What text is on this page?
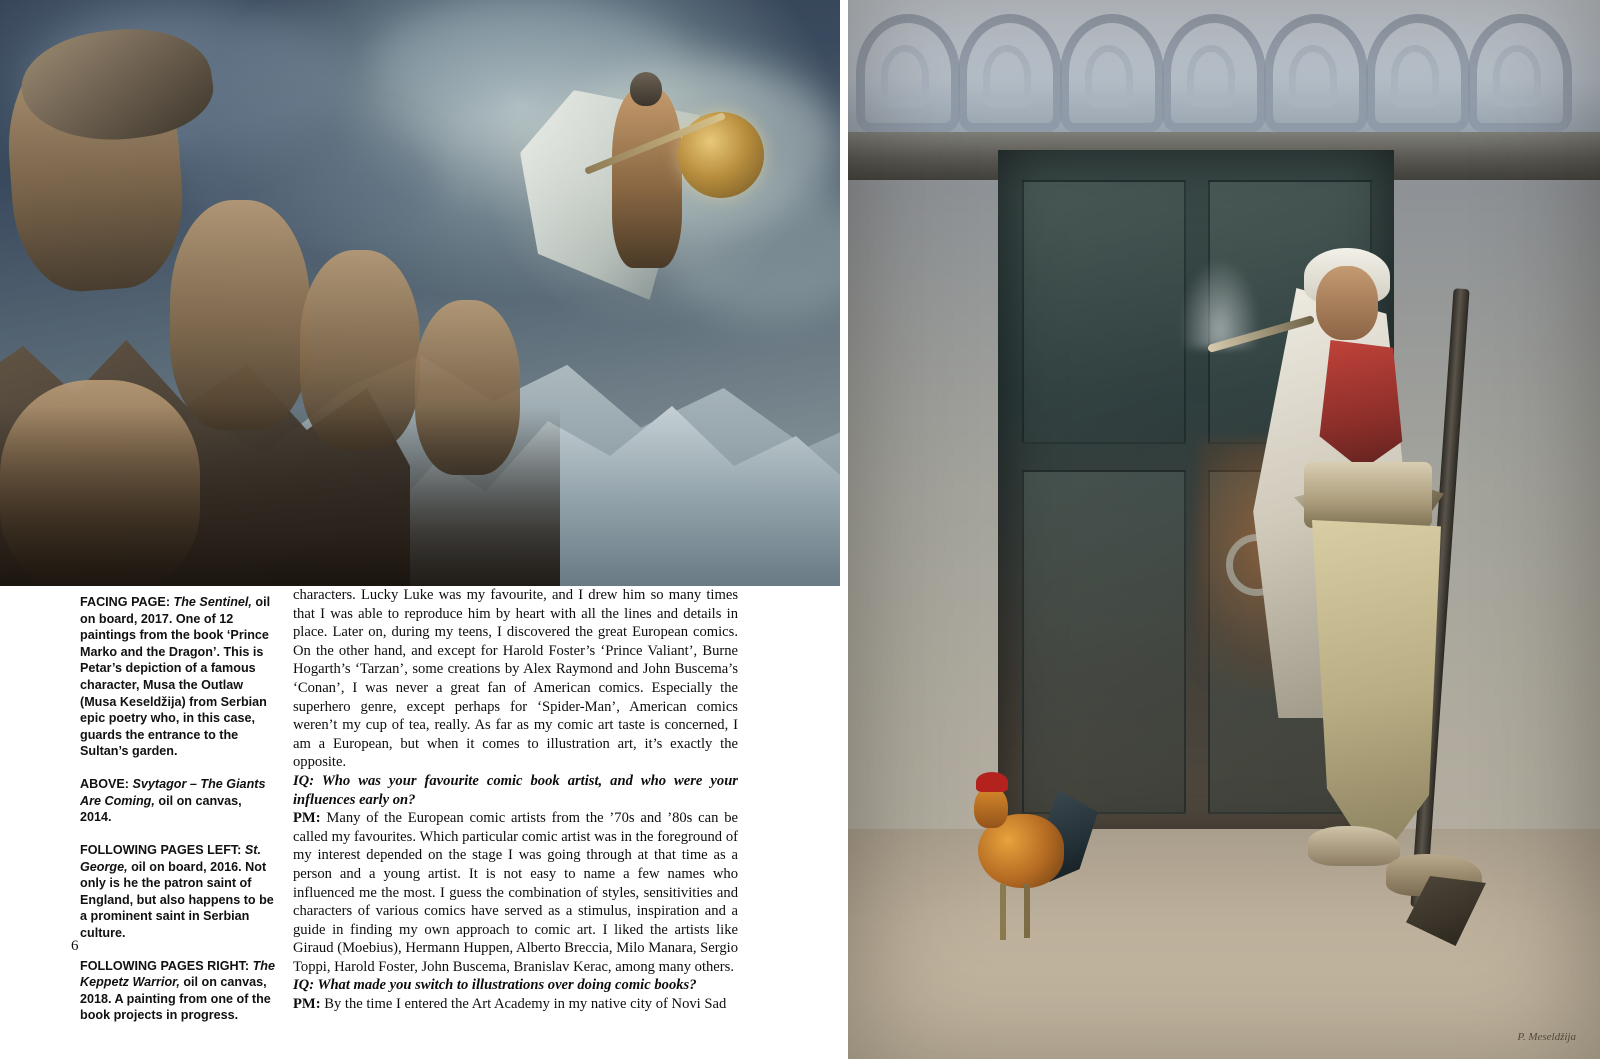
FACING PAGE: The Sentinel, oil on board, 2017. One of 12 paintings from the book ‘Prince Marko and the Dragon’. This is Petar’s depiction of a famous character, Musa the Outlaw (Musa Keseldžija) from Serbian epic poetry who, in this case, guards the entrance to the Sultan’s garden.

ABOVE: Svytagor – The Giants Are Coming, oil on canvas, 2014.

FOLLOWING PAGES LEFT: St. George, oil on board, 2016. Not only is he the patron saint of England, but also happens to be a prominent saint in Serbian culture.

FOLLOWING PAGES RIGHT: The Keppetz Warrior, oil on canvas, 2018. A painting from one of the book projects in progress.

6

characters. Lucky Luke was my favourite, and I drew him so many times that I was able to reproduce him by heart with all the lines and details in place. Later on, during my teens, I discovered the great European comics. On the other hand, and except for Harold Foster’s ‘Prince Valiant’, Burne Hogarth’s ‘Tarzan’, some creations by Alex Raymond and John Buscema’s ‘Conan’, I was never a great fan of American comics. Especially the superhero genre, except perhaps for ‘Spider-Man’, American comics weren’t my cup of tea, really. As far as my comic art taste is concerned, I am a European, but when it comes to illustration art, it’s exactly the opposite.

IQ: Who was your favourite comic book artist, and who were your influences early on?

PM: Many of the European comic artists from the ’70s and ’80s can be called my favourites. Which particular comic artist was in the foreground of my interest depended on the stage I was going through at that time as a person and a young artist. It is not easy to name a few names who influenced me the most. I guess the combination of styles, sensitivities and characters of various comics have served as a stimulus, inspiration and a guide in finding my own approach to comic art. I liked the artists like Giraud (Moebius), Hermann Huppen, Alberto Breccia, Milo Manara, Sergio Toppi, Harold Foster, John Buscema, Branislav Kerac, among many others.

IQ: What made you switch to illustrations over doing comic books?

PM: By the time I entered the Art Academy in my native city of Novi Sad

P. Meseldžija
